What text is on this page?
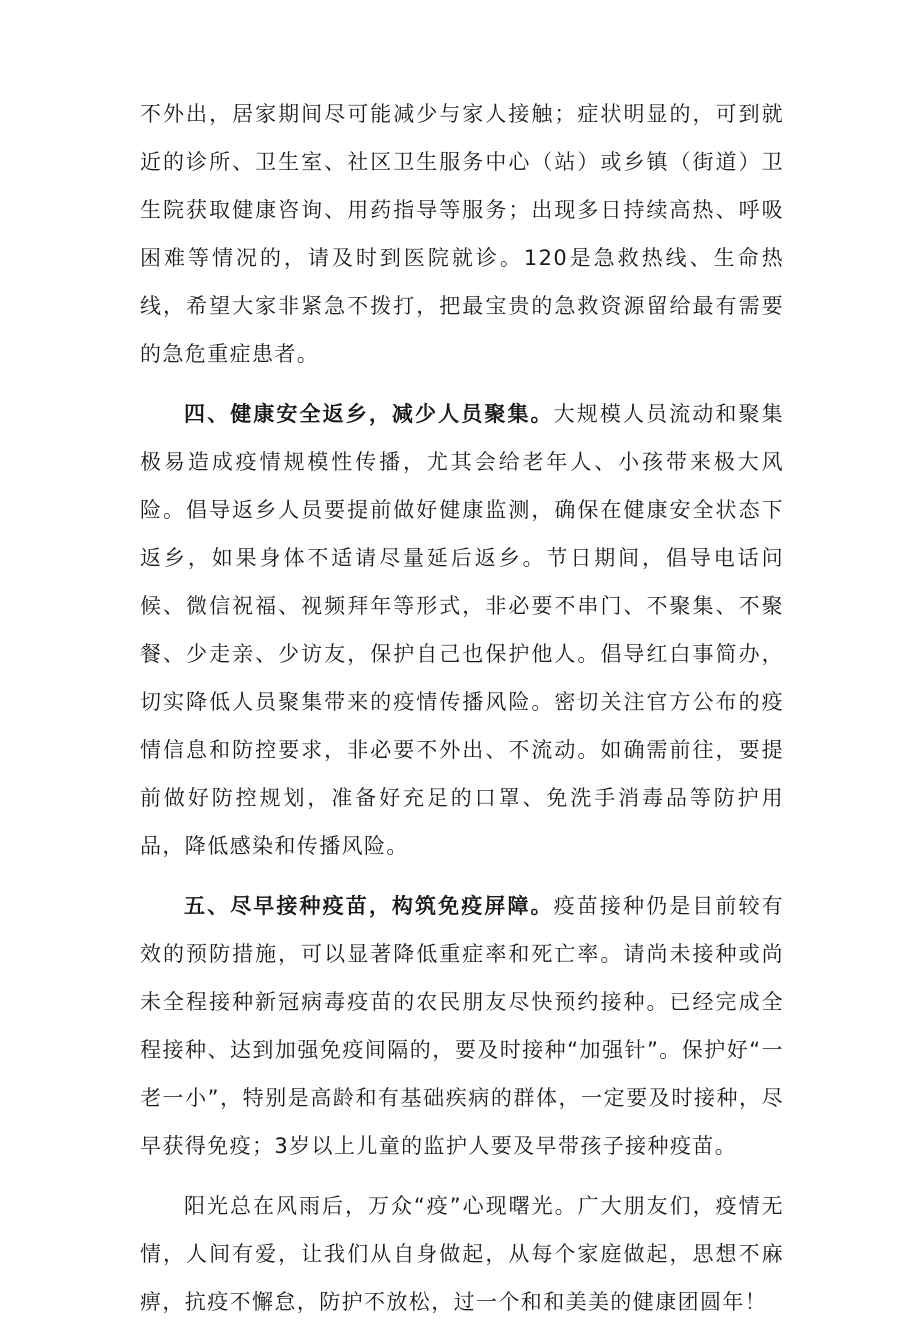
不外出，居家期间尽可能减少与家人接触；症状明显的，可到就近的诊所、卫生室、社区卫生服务中心（站）或乡镇（街道）卫生院获取健康咨询、用药指导等服务；出现多日持续高热、呼吸困难等情况的，请及时到医院就诊。120是急救热线、生命热线，希望大家非紧急不拨打，把最宝贵的急救资源留给最有需要的急危重症患者。

四、健康安全返乡，减少人员聚集。大规模人员流动和聚集极易造成疫情规模性传播，尤其会给老年人、小孩带来极大风险。倡导返乡人员要提前做好健康监测，确保在健康安全状态下返乡，如果身体不适请尽量延后返乡。节日期间，倡导电话问候、微信祝福、视频拜年等形式，非必要不串门、不聚集、不聚餐、少走亲、少访友，保护自己也保护他人。倡导红白事简办，切实降低人员聚集带来的疫情传播风险。密切关注官方公布的疫情信息和防控要求，非必要不外出、不流动。如确需前往，要提前做好防控规划，准备好充足的口罩、免洗手消毒品等防护用品，降低感染和传播风险。

五、尽早接种疫苗，构筑免疫屏障。疫苗接种仍是目前较有效的预防措施，可以显著降低重症率和死亡率。请尚未接种或尚未全程接种新冠病毒疫苗的农民朋友尽快预约接种。已经完成全程接种、达到加强免疫间隔的，要及时接种“加强针”。保护好“一老一小”，特别是高龄和有基础疾病的群体，一定要及时接种，尽早获得免疫；3岁以上儿童的监护人要及早带孩子接种疫苗。

阳光总在风雨后，万众“疫”心现曙光。广大朋友们，疫情无情，人间有爱，让我们从自身做起，从每个家庭做起，思想不麻痹，抗疫不懈怠，防护不放松，过一个和和美美的健康团圆年！
